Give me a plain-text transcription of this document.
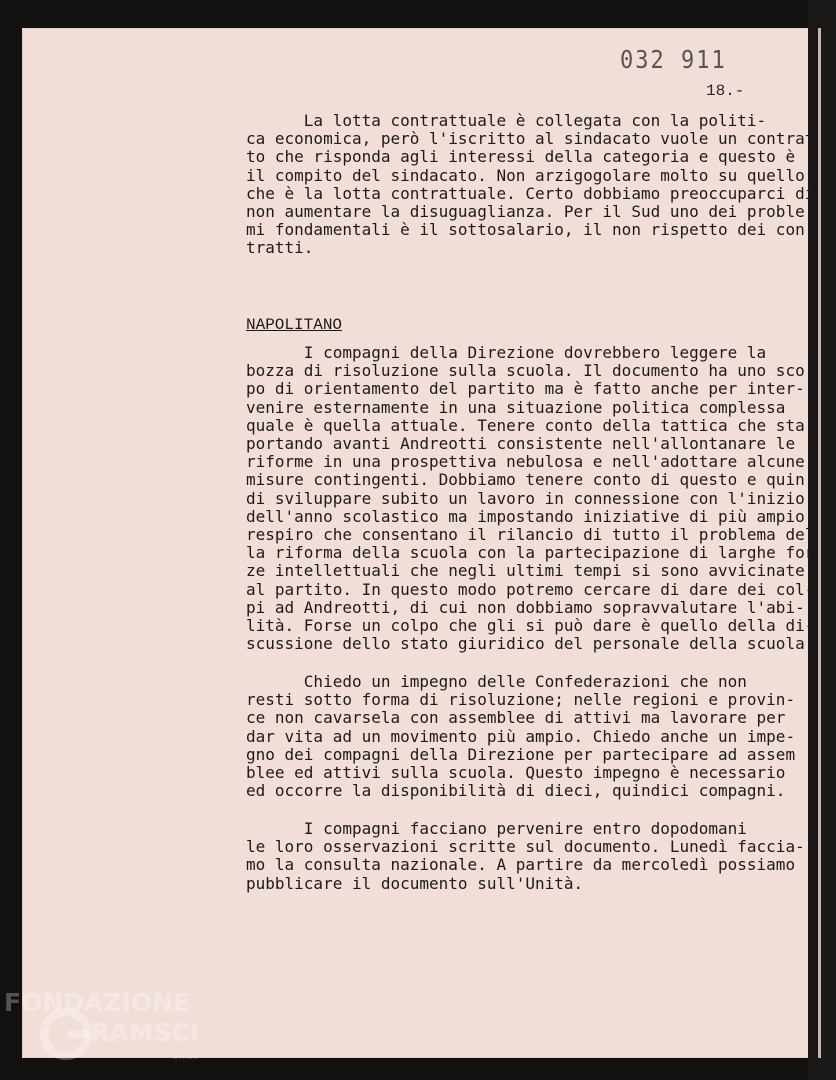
032 911
18.-
La lotta contrattuale è collegata con la politi-
ca economica, però l'iscritto al sindacato vuole un contrat
to che risponda agli interessi della categoria e questo è
il compito del sindacato. Non arzigogolare molto su quello
che è la lotta contrattuale. Certo dobbiamo preoccuparci di
non aumentare la disuguaglianza. Per il Sud uno dei proble
mi fondamentali è il sottosalario, il non rispetto dei con
tratti.
NAPOLITANO
I compagni della Direzione dovrebbero leggere la
bozza di risoluzione sulla scuola. Il documento ha uno sco
po di orientamento del partito ma è fatto anche per inter-
venire esternamente in una situazione politica complessa
quale è quella attuale. Tenere conto della tattica che sta
portando avanti Andreotti consistente nell'allontanare le
riforme in una prospettiva nebulosa e nell'adottare alcune
misure contingenti. Dobbiamo tenere conto di questo e quin
di sviluppare subito un lavoro in connessione con l'inizio
dell'anno scolastico ma impostando iniziative di più ampio
respiro che consentano il rilancio di tutto il problema del
la riforma della scuola con la partecipazione di larghe for
ze intellettuali che negli ultimi tempi si sono avvicinate
al partito. In questo modo potremo cercare di dare dei col-
pi ad Andreotti, di cui non dobbiamo sopravvalutare l'abi-
lità. Forse un colpo che gli si può dare è quello della di-
scussione dello stato giuridico del personale della scuola.
Chiedo un impegno delle Confederazioni che non
resti sotto forma di risoluzione; nelle regioni e provin-
ce non cavarsela con assemblee di attivi ma lavorare per
dar vita ad un movimento più ampio. Chiedo anche un impe-
gno dei compagni della Direzione per partecipare ad assem
blee ed attivi sulla scuola. Questo impegno è necessario
ed occorre la disponibilità di dieci, quindici compagni.
I compagni facciano pervenire entro dopodomani
le loro osservazioni scritte sul documento. Lunedì faccia-
mo la consulta nazionale. A partire da mercoledì possiamo
pubblicare il documento sull'Unità.
FONDAZIONE
RAMSCI
Onlus
